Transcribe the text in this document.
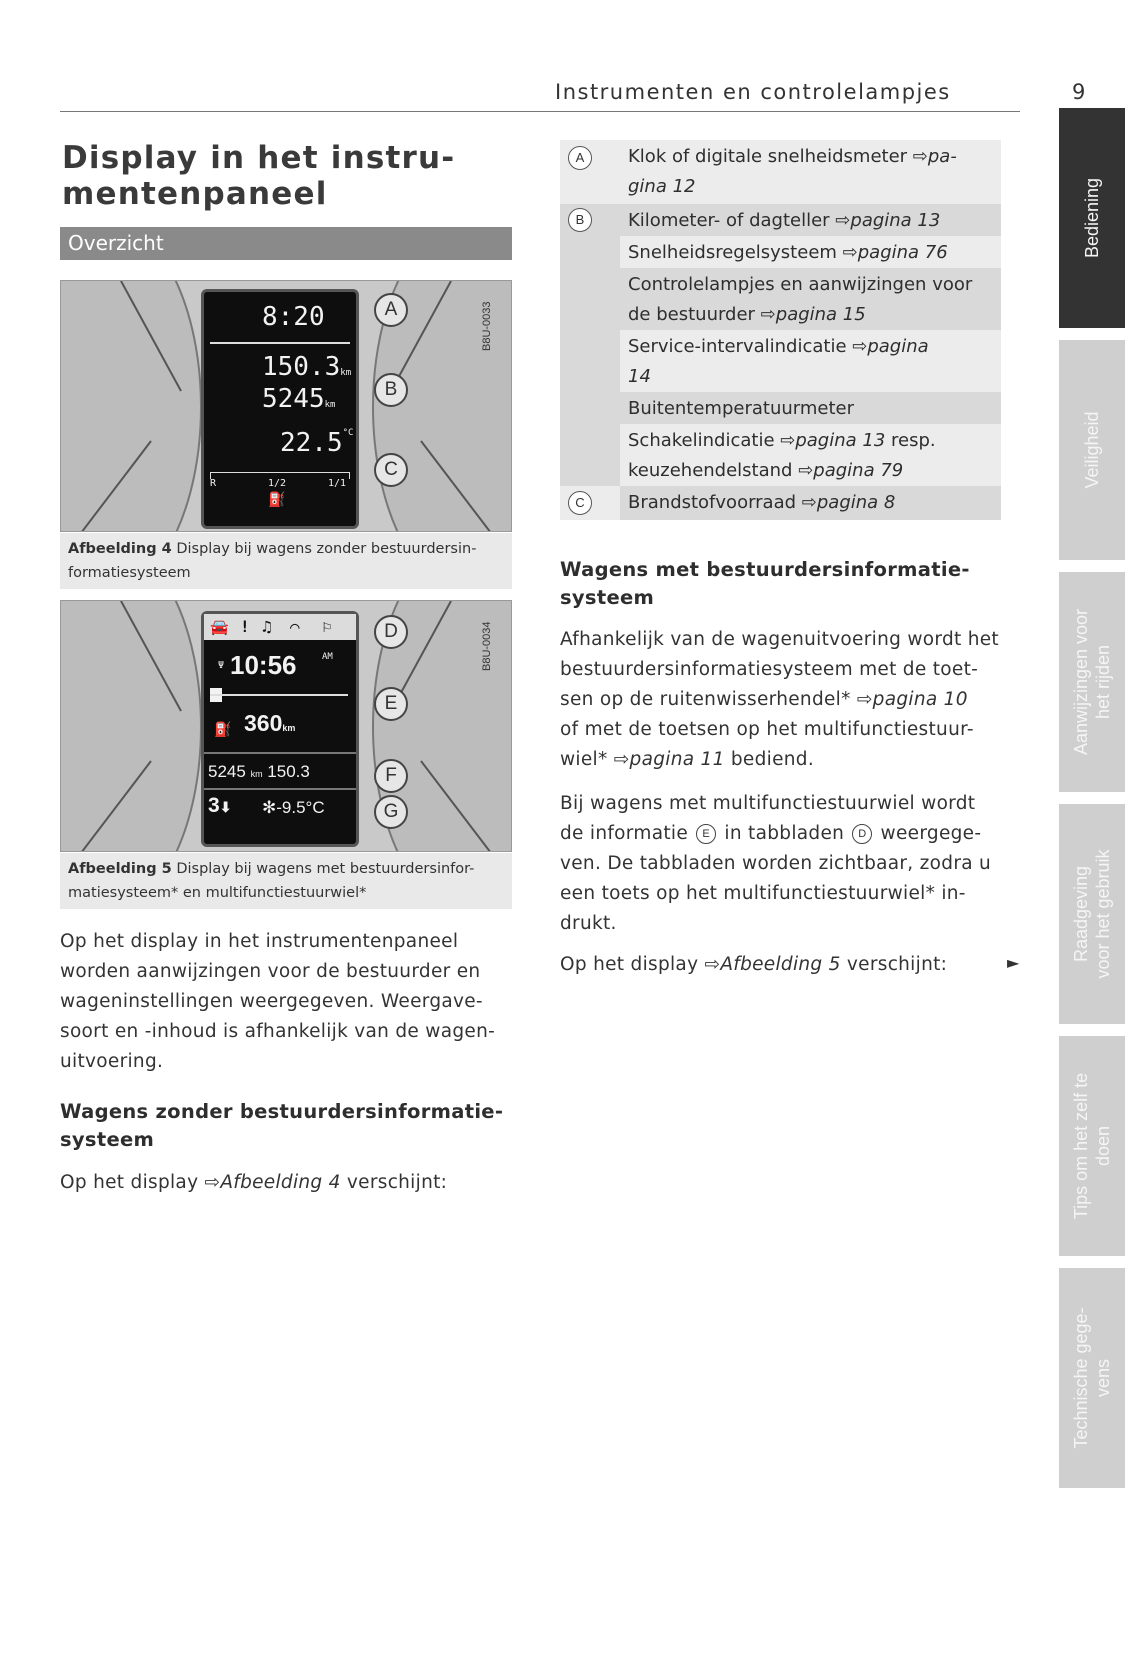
Instrumenten en controlelampjes	9
Display in het instru-
mentenpaneel
Overzicht
8:20
150.3km
5245km
$22.5^{^\circ C}$
R	1/2	1/1
⛽
A
B
C
B8U-0033
Afbeelding 4 Display bij wagens zonder bestuurdersin-formatiesysteem
🚘 ! ♫ ⌒ ⚐
Ψ 10:56	AM
⛽ 360km
5245 km 150.3
3⬇ ✻-9.5°C
D
E
F
G
B8U-0034
Afbeelding 5 Display bij wagens met bestuurdersinfor-matiesysteem* en multifunctiestuurwiel*
Op het display in het instrumentenpaneel
worden aanwijzingen voor de bestuurder en
wageninstellingen weergegeven. Weergave-
soort en -inhoud is afhankelijk van de wagen-
uitvoering.
Wagens zonder bestuurdersinformatie-
systeem
Op het display ⇨Afbeelding 4 verschijnt:
A	Klok of digitale snelheidsmeter ⇨pa-
gina 12
B	Kilometer- of dagteller ⇨pagina 13
Snelheidsregelsysteem ⇨pagina 76
Controlelampjes en aanwijzingen voor
de bestuurder ⇨pagina 15
Service-intervalindicatie ⇨pagina
14
Buitentemperatuurmeter
Schakelindicatie ⇨pagina 13 resp.
keuzehendelstand ⇨pagina 79
C	Brandstofvoorraad ⇨pagina 8
Wagens met bestuurdersinformatie-
systeem
Afhankelijk van de wagenuitvoering wordt het
bestuurdersinformatiesysteem met de toet-
sen op de ruitenwisserhendel* ⇨pagina 10
of met de toetsen op het multifunctiestuur-
wiel* ⇨pagina 11 bediend.
Bij wagens met multifunctiestuurwiel wordt
de informatie E in tabbladen D weergege-
ven. De tabbladen worden zichtbaar, zodra u
een toets op het multifunctiestuurwiel* in-
drukt.
Op het display ⇨Afbeelding 5 verschijnt:	►
Bediening
Veiligheid
Aanwijzingen voor
het rijden
Raadgeving
voor het gebruik
Tips om het zelf te
doen
Technische gege-
vens
